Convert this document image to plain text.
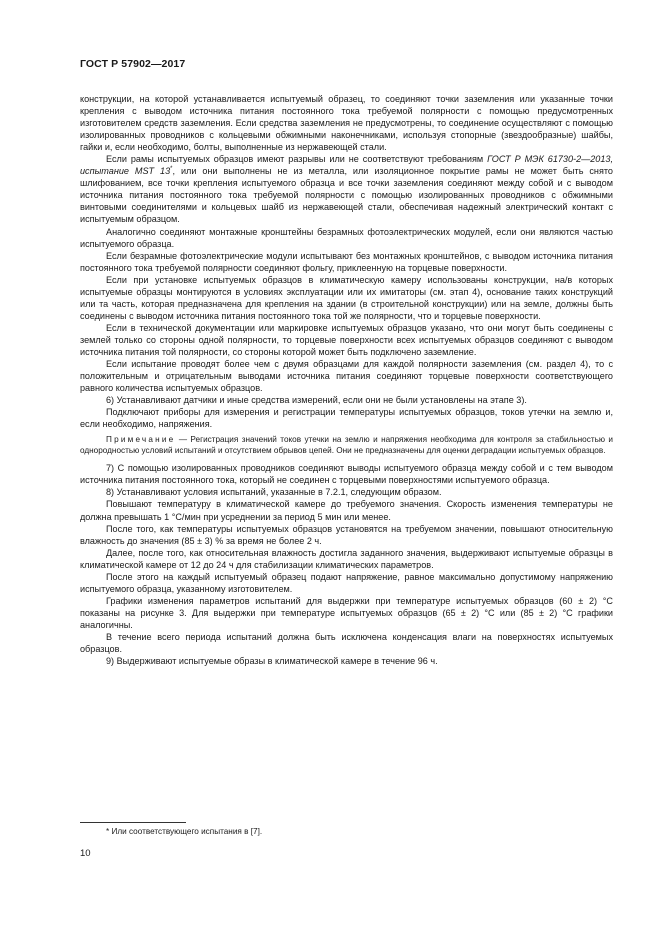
ГОСТ Р 57902—2017

конструкции, на которой устанавливается испытуемый образец, то соединяют точки заземления или указанные точки крепления с выводом источника питания постоянного тока требуемой полярности с помощью предусмотренных изготовителем средств заземления. Если средства заземления не предусмотрены, то соединение осуществляют с помощью изолированных проводников с кольцевыми обжимными наконечниками, используя стопорные (звездообразные) шайбы, гайки и, если необходимо, болты, выполненные из нержавеющей стали.

Если рамы испытуемых образцов имеют разрывы или не соответствуют требованиям ГОСТ Р МЭК 61730-2—2013, испытание MST 13*, или они выполнены не из металла, или изоляционное покрытие рамы не может быть снято шлифованием, все точки крепления испытуемого образца и все точки заземления соединяют между собой и с выводом источника питания постоянного тока требуемой полярности с помощью изолированных проводников с обжимными винтовыми соединителями и кольцевых шайб из нержавеющей стали, обеспечивая надежный электрический контакт с испытуемым образцом.

Аналогично соединяют монтажные кронштейны безрамных фотоэлектрических модулей, если они являются частью испытуемого образца.

Если безрамные фотоэлектрические модули испытывают без монтажных кронштейнов, с выводом источника питания постоянного тока требуемой полярности соединяют фольгу, приклеенную на торцевые поверхности.

Если при установке испытуемых образцов в климатическую камеру использованы конструкции, на/в которых испытуемые образцы монтируются в условиях эксплуатации или их имитаторы (см. этап 4), основание таких конструкций или та часть, которая предназначена для крепления на здании (в строительной конструкции) или на земле, должны быть соединены с выводом источника питания постоянного тока той же полярности, что и торцевые поверхности.

Если в технической документации или маркировке испытуемых образцов указано, что они могут быть соединены с землей только со стороны одной полярности, то торцевые поверхности всех испытуемых образцов соединяют с выводом источника питания той полярности, со стороны которой может быть подключено заземление.

Если испытание проводят более чем с двумя образцами для каждой полярности заземления (см. раздел 4), то с положительным и отрицательным выводами источника питания соединяют торцевые поверхности соответствующего равного количества испытуемых образцов.

6) Устанавливают датчики и иные средства измерений, если они не были установлены на этапе 3).

Подключают приборы для измерения и регистрации температуры испытуемых образцов, токов утечки на землю и, если необходимо, напряжения.

Примечание — Регистрация значений токов утечки на землю и напряжения необходима для контроля за стабильностью и однородностью условий испытаний и отсутствием обрывов цепей. Они не предназначены для оценки деградации испытуемых образцов.

7) С помощью изолированных проводников соединяют выводы испытуемого образца между собой и с тем выводом источника питания постоянного тока, который не соединен с торцевыми поверхностями испытуемого образца.

8) Устанавливают условия испытаний, указанные в 7.2.1, следующим образом.

Повышают температуру в климатической камере до требуемого значения. Скорость изменения температуры не должна превышать 1 °С/мин при усреднении за период 5 мин или менее.

После того, как температуры испытуемых образцов установятся на требуемом значении, повышают относительную влажность до значения (85 ± 3) % за время не более 2 ч.

Далее, после того, как относительная влажность достигла заданного значения, выдерживают испытуемые образцы в климатической камере от 12 до 24 ч для стабилизации климатических параметров.

После этого на каждый испытуемый образец подают напряжение, равное максимально допустимому напряжению испытуемого образца, указанному изготовителем.

Графики изменения параметров испытаний для выдержки при температуре испытуемых образцов (60 ± 2) °С показаны на рисунке 3. Для выдержки при температуре испытуемых образцов (65 ± 2) °С или (85 ± 2) °С графики аналогичны.

В течение всего периода испытаний должна быть исключена конденсация влаги на поверхностях испытуемых образцов.

9) Выдерживают испытуемые образы в климатической камере в течение 96 ч.

* Или соответствующего испытания в [7].
10
